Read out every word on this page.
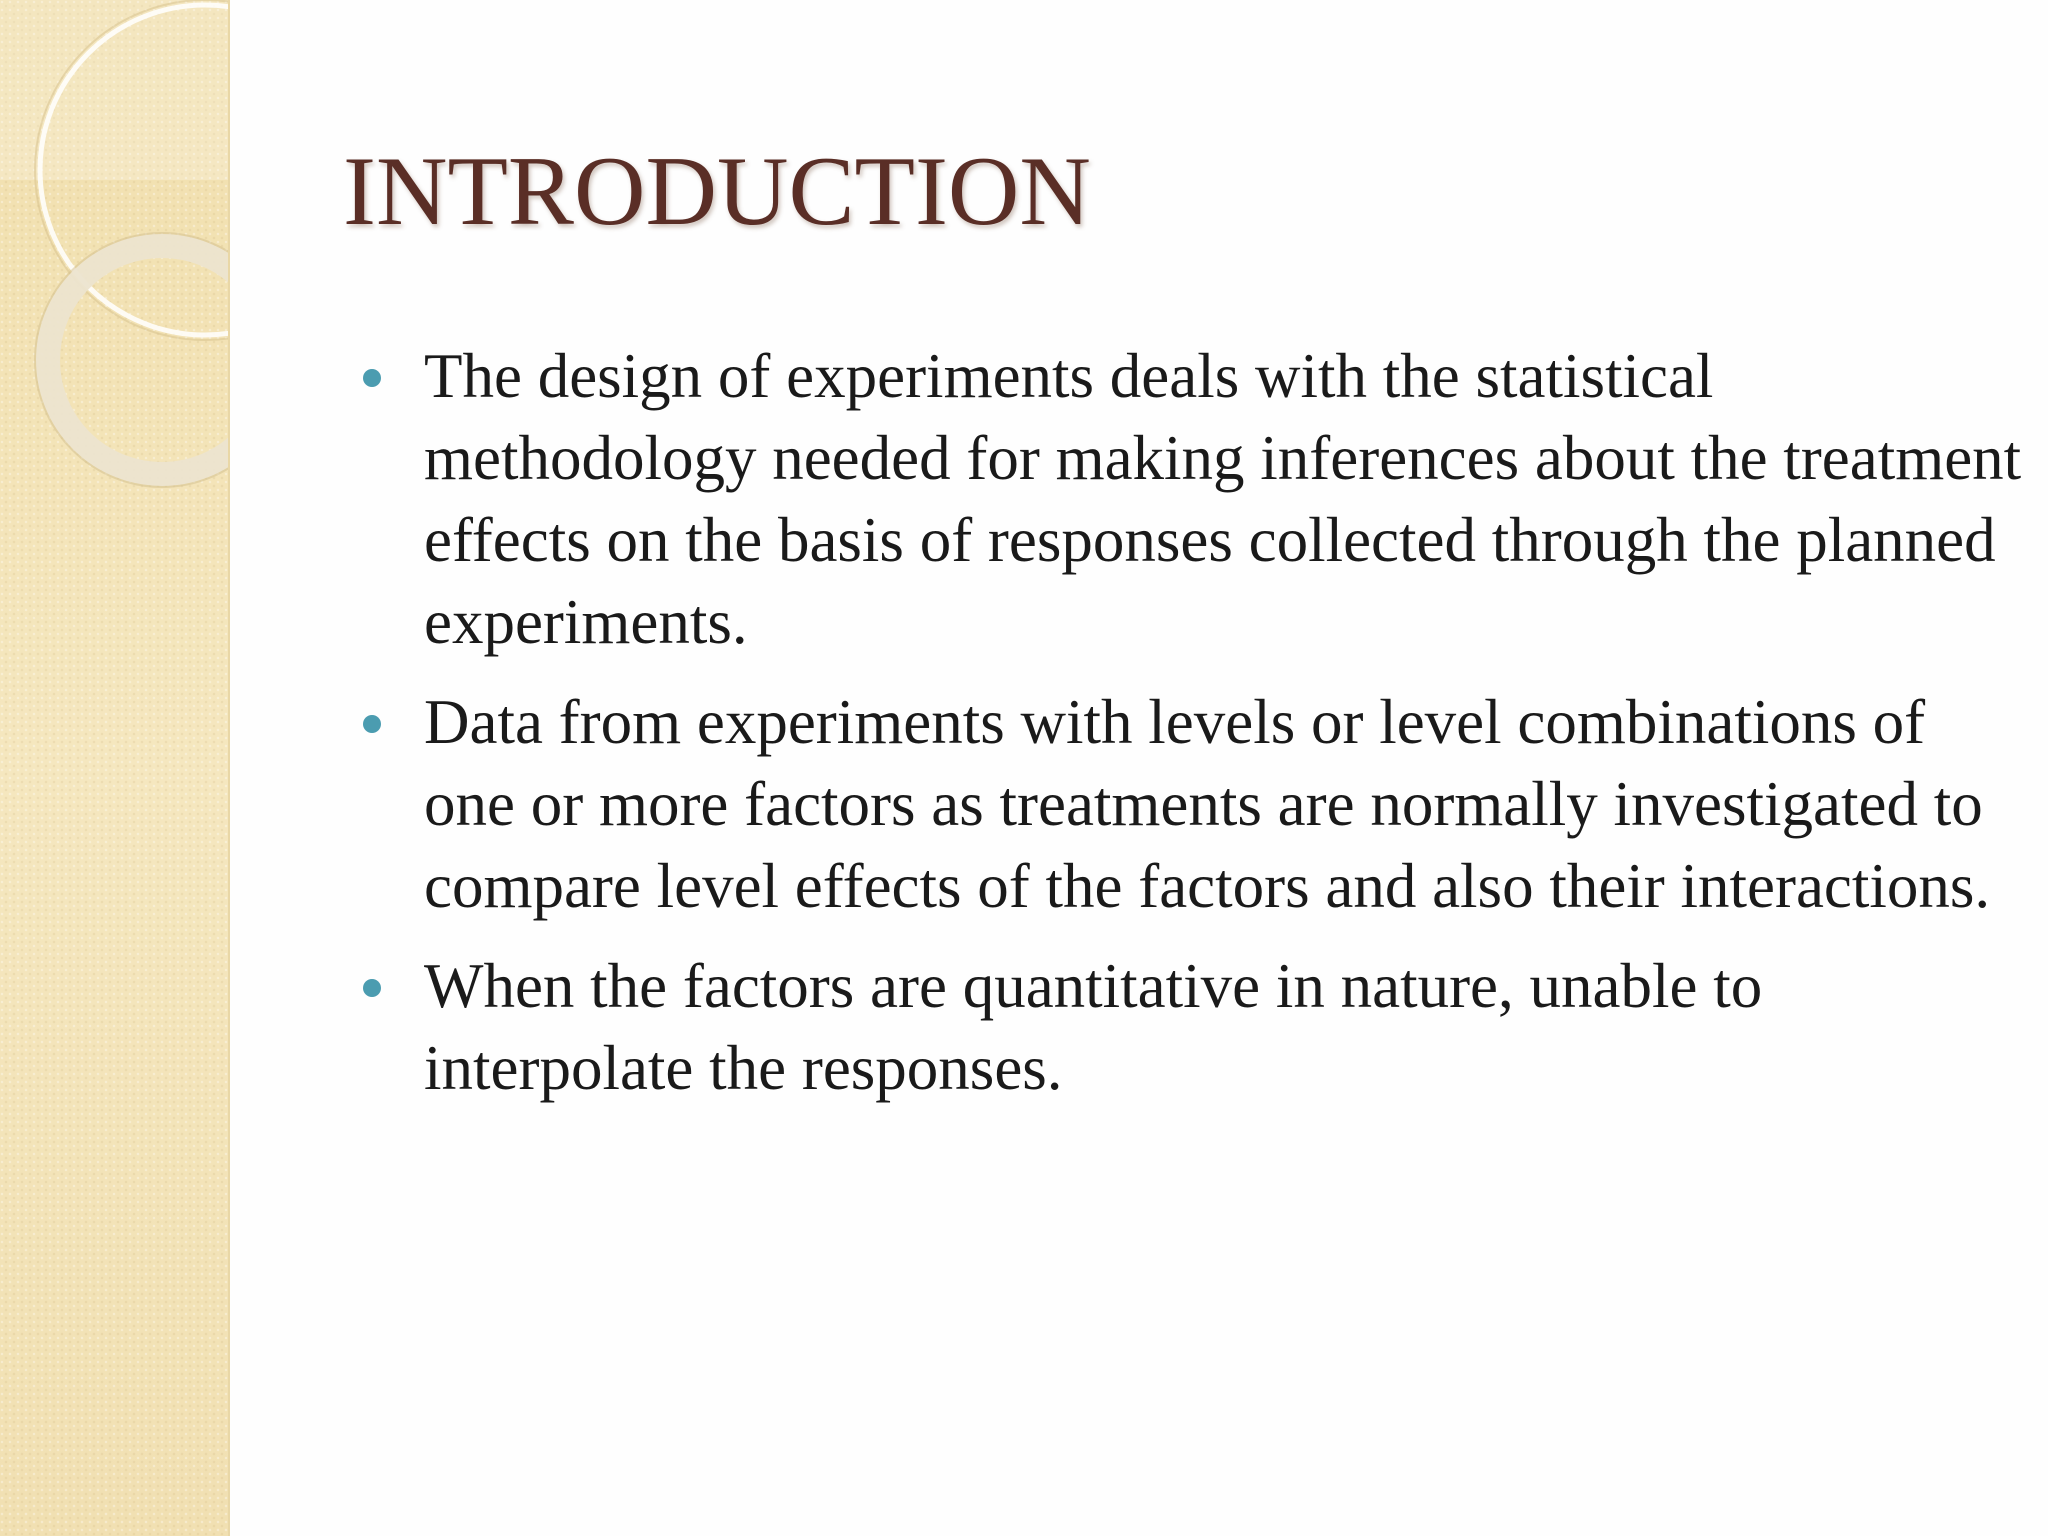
INTRODUCTION
The design of experiments deals with the statistical methodology needed for making inferences about the treatment effects on the basis of responses collected through the planned experiments.
Data from experiments with levels or level combinations of one or more factors as treatments are normally investigated to compare level effects of the factors and also their interactions.
When the factors are quantitative in nature, unable to interpolate the responses.
